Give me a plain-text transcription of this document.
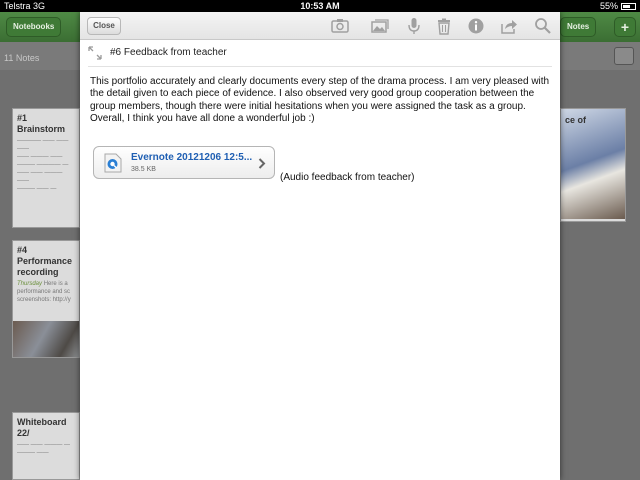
Telstra 3G	10:53 AM	55%
Notebooks	Notes	+
11 Notes
#1 Brainstorm
———— —— —— ——
—— ——— ——
——— ———— —
—— —— ——— ——
——— —— —
ce of
#4 Performance recording
Thursday Here is a performance and sc screenshots: http://y
Whiteboard 22/
—— —— ——— —
——— ——
Close
#6 Feedback from teacher
This portfolio accurately and clearly documents every step of the drama process. I am very pleased with the detail given to each piece of evidence. I also observed very good group cooperation between the group members, though there were initial hesitations when you were assigned the task as a group. Overall, I think you have all done a wonderful job :)
Evernote 20121206 12:5...
38.5 KB
(Audio feedback from teacher)
